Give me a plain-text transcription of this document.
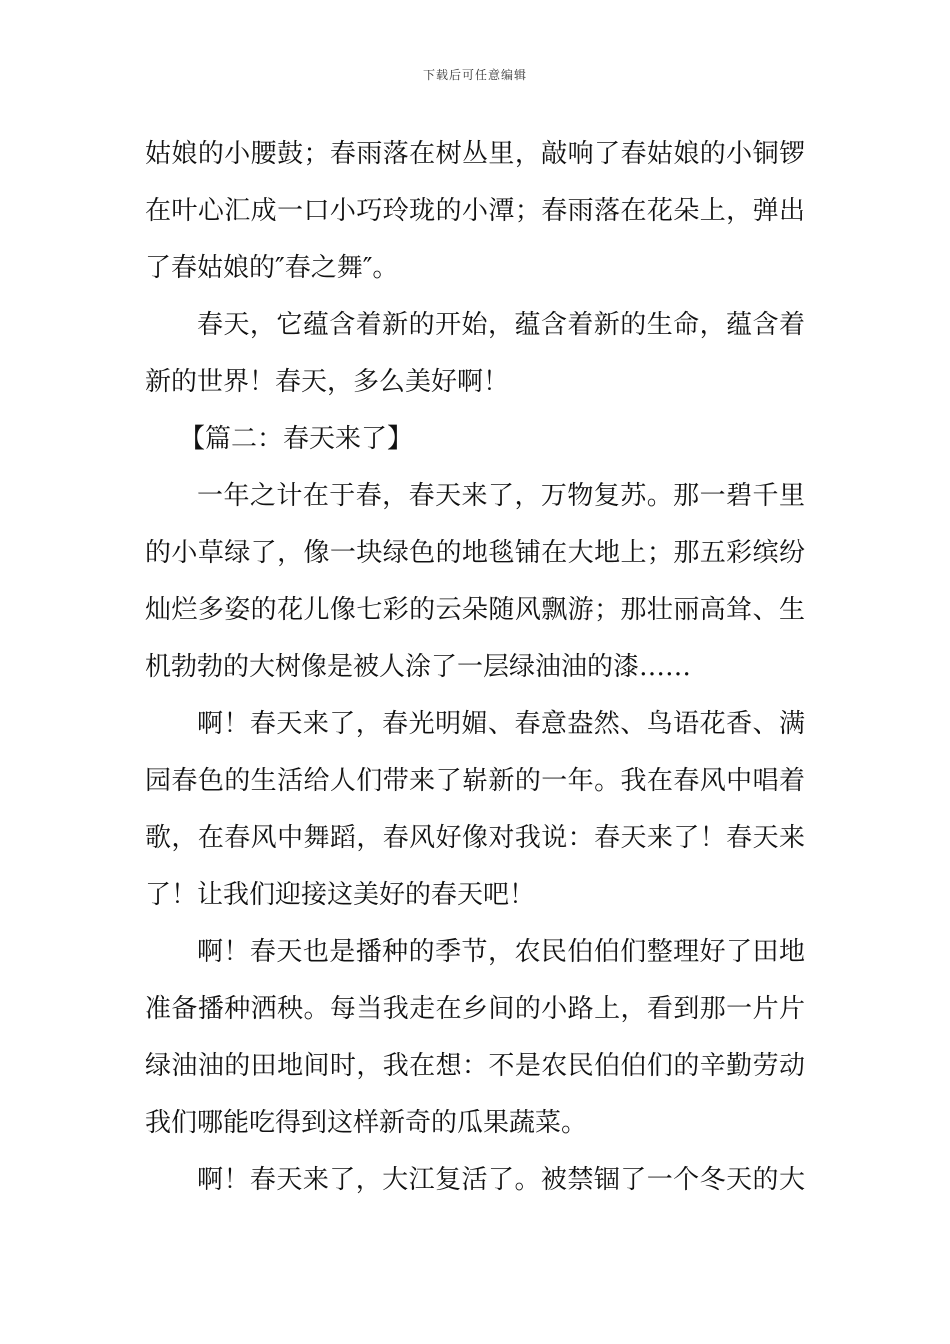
下载后可任意编辑
姑娘的小腰鼓；春雨落在树丛里，敲响了春姑娘的小铜锣
在叶心汇成一口小巧玲珑的小潭；春雨落在花朵上，弹出
了春姑娘的″春之舞″。
春天，它蕴含着新的开始，蕴含着新的生命，蕴含着
新的世界！春天，多么美好啊！
【篇二：春天来了】
一年之计在于春，春天来了，万物复苏。那一碧千里
的小草绿了，像一块绿色的地毯铺在大地上；那五彩缤纷
灿烂多姿的花儿像七彩的云朵随风飘游；那壮丽高耸、生
机勃勃的大树像是被人涂了一层绿油油的漆……
啊！春天来了，春光明媚、春意盎然、鸟语花香、满
园春色的生活给人们带来了崭新的一年。我在春风中唱着
歌，在春风中舞蹈，春风好像对我说：春天来了！春天来
了！让我们迎接这美好的春天吧！
啊！春天也是播种的季节，农民伯伯们整理好了田地
准备播种洒秧。每当我走在乡间的小路上，看到那一片片
绿油油的田地间时，我在想：不是农民伯伯们的辛勤劳动
我们哪能吃得到这样新奇的瓜果蔬菜。
啊！春天来了，大江复活了。被禁锢了一个冬天的大
